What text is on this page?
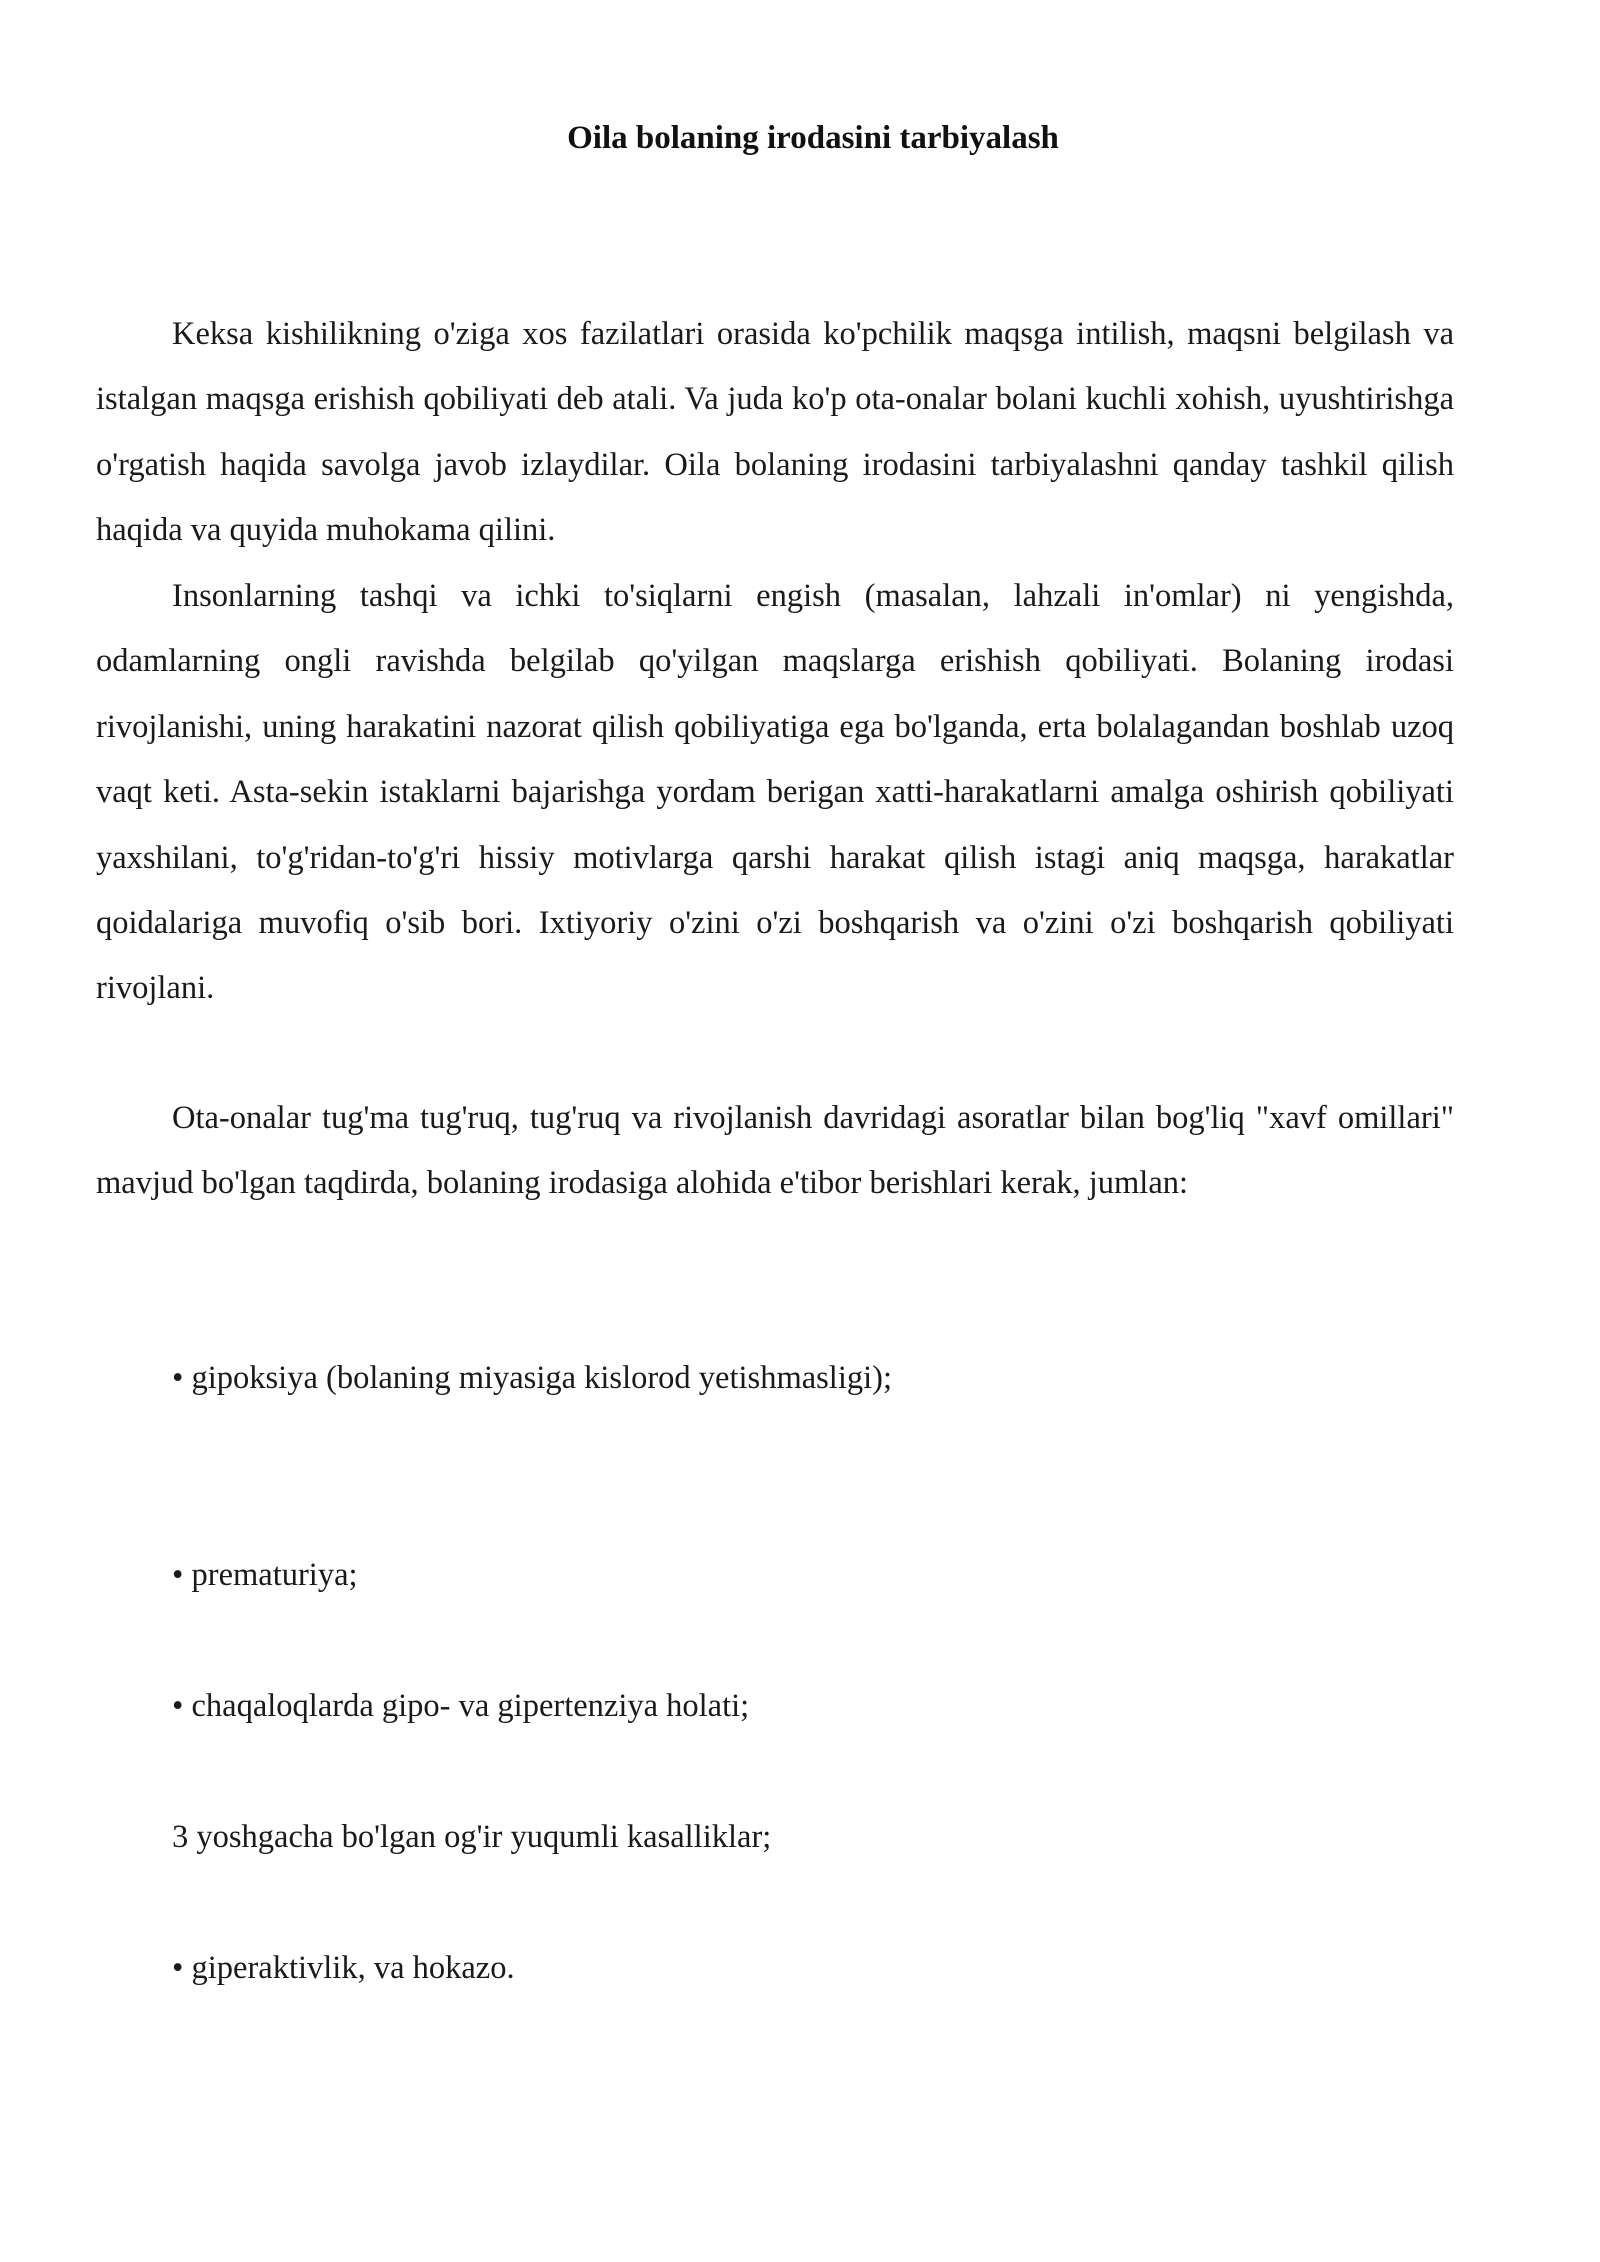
Oila bolaning irodasini tarbiyalash

Keksa kishilikning o'ziga xos fazilatlari orasida ko'pchilik maqsga intilish, maqsni belgilash va istalgan maqsga erishish qobiliyati deb atali. Va juda ko'p ota-onalar bolani kuchli xohish, uyushtirishga o'rgatish haqida savolga javob izlaydilar. Oila bolaning irodasini tarbiyalashni qanday tashkil qilish haqida va quyida muhokama qilini.

Insonlarning tashqi va ichki to'siqlarni engish (masalan, lahzali in'omlar) ni yengishda, odamlarning ongli ravishda belgilab qo'yilgan maqslarga erishish qobiliyati. Bolaning irodasi rivojlanishi, uning harakatini nazorat qilish qobiliyatiga ega bo'lganda, erta bolalagandan boshlab uzoq vaqt keti. Asta-sekin istaklarni bajarishga yordam berigan xatti-harakatlarni amalga oshirish qobiliyati yaxshilani, to'g'ridan-to'g'ri hissiy motivlarga qarshi harakat qilish istagi aniq maqsga, harakatlar qoidalariga muvofiq o'sib bori. Ixtiyoriy o'zini o'zi boshqarish va o'zini o'zi boshqarish qobiliyati rivojlani.

Ota-onalar tug'ma tug'ruq, tug'ruq va rivojlanish davridagi asoratlar bilan bog'liq "xavf omillari" mavjud bo'lgan taqdirda, bolaning irodasiga alohida e'tibor berishlari kerak, jumlan:

• gipoksiya (bolaning miyasiga kislorod yetishmasligi);
• prematuriya;
• chaqaloqlarda gipo- va gipertenziya holati;
3 yoshgacha bo'lgan og'ir yuqumli kasalliklar;
• giperaktivlik, va hokazo.
